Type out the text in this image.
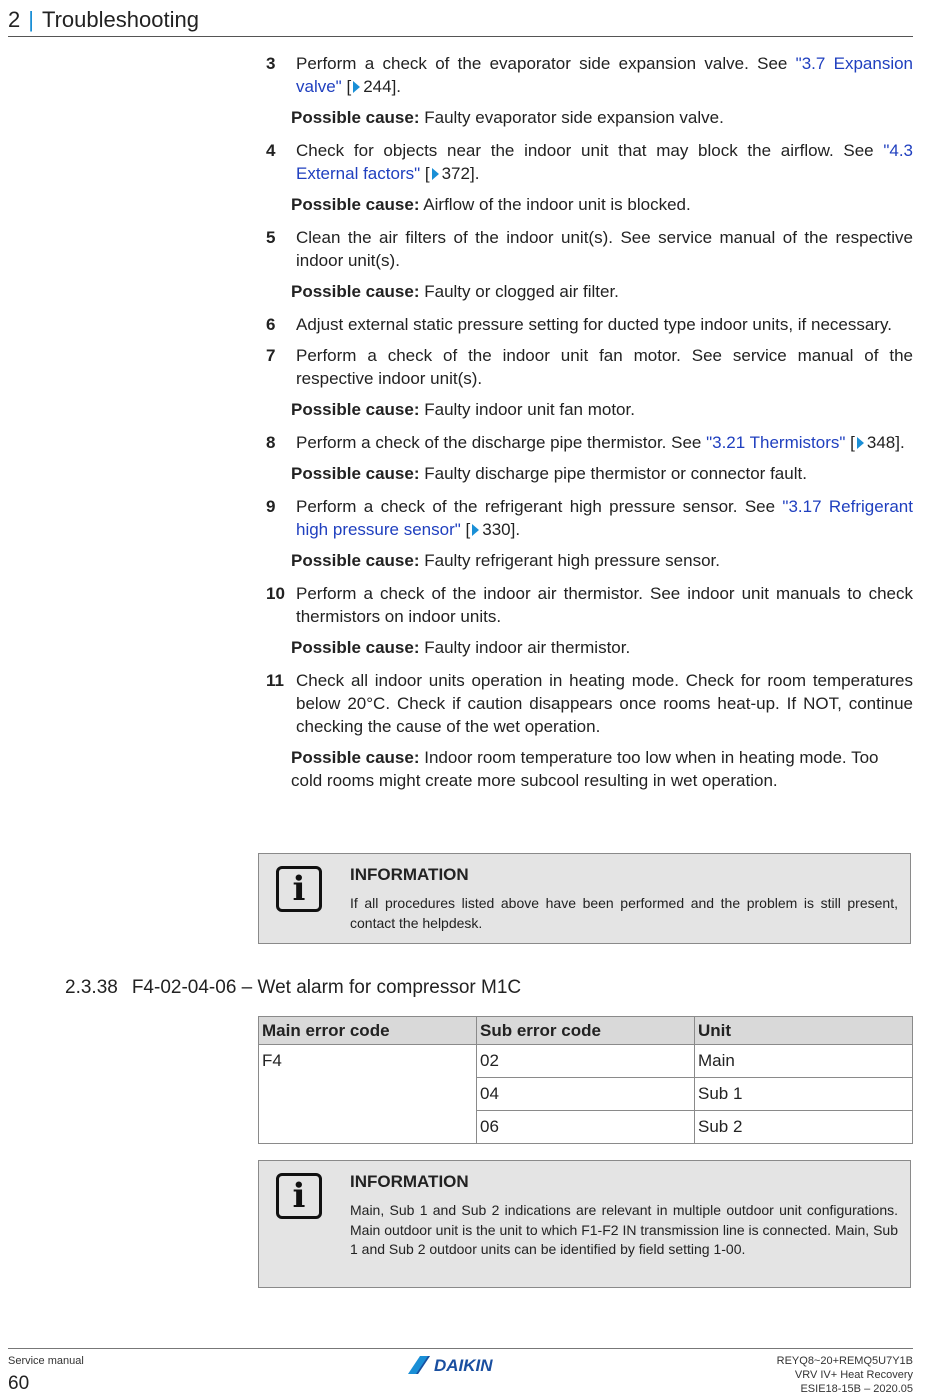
2 | Troubleshooting
3	Perform a check of the evaporator side expansion valve. See "3.7 Expansion valve" [ 244].
Possible cause: Faulty evaporator side expansion valve.
4	Check for objects near the indoor unit that may block the airflow. See "4.3 External factors" [ 372].
Possible cause: Airflow of the indoor unit is blocked.
5	Clean the air filters of the indoor unit(s). See service manual of the respective indoor unit(s).
Possible cause: Faulty or clogged air filter.
6	Adjust external static pressure setting for ducted type indoor units, if necessary.
7	Perform a check of the indoor unit fan motor. See service manual of the respective indoor unit(s).
Possible cause: Faulty indoor unit fan motor.
8	Perform a check of the discharge pipe thermistor. See "3.21 Thermistors" [ 348].
Possible cause: Faulty discharge pipe thermistor or connector fault.
9	Perform a check of the refrigerant high pressure sensor. See "3.17 Refrigerant high pressure sensor" [ 330].
Possible cause: Faulty refrigerant high pressure sensor.
10 Perform a check of the indoor air thermistor. See indoor unit manuals to check thermistors on indoor units.
Possible cause: Faulty indoor air thermistor.
11 Check all indoor units operation in heating mode. Check for room temperatures below 20°C. Check if caution disappears once rooms heat-up. If NOT, continue checking the cause of the wet operation.
Possible cause: Indoor room temperature too low when in heating mode. Too cold rooms might create more subcool resulting in wet operation.
i	INFORMATION
If all procedures listed above have been performed and the problem is still present, contact the helpdesk.
2.3.38 F4-02-04-06 – Wet alarm for compressor M1C
Main error code	Sub error code	Unit
F4	02	Main
	04	Sub 1
	06	Sub 2
i	INFORMATION
Main, Sub 1 and Sub 2 indications are relevant in multiple outdoor unit configurations. Main outdoor unit is the unit to which F1-F2 IN transmission line is connected. Main, Sub 1 and Sub 2 outdoor units can be identified by field setting 1-00.
Service manual
60
DAIKIN	REYQ8~20+REMQ5U7Y1B
VRV IV+ Heat Recovery
ESIE18-15B – 2020.05
